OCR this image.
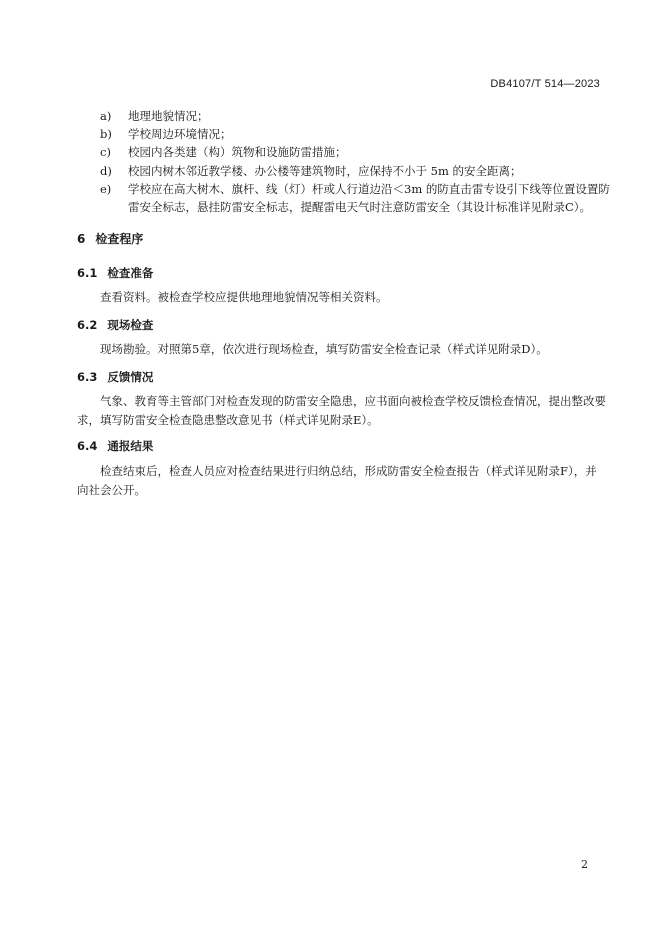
DB4107/T 514—2023
a)	地理地貌情况；
b)	学校周边环境情况；
c)	校园内各类建（构）筑物和设施防雷措施；
d)	校园内树木邻近教学楼、办公楼等建筑物时，应保持不小于 5m 的安全距离；
e)	学校应在高大树木、旗杆、线（灯）杆或人行道边沿＜3m 的防直击雷专设引下线等位置设置防雷安全标志，悬挂防雷安全标志，提醒雷电天气时注意防雷安全（其设计标准详见附录C）。
6 检查程序
6.1 检查准备
查看资料。被检查学校应提供地理地貌情况等相关资料。
6.2 现场检查
现场勘验。对照第5章，依次进行现场检查，填写防雷安全检查记录（样式详见附录D）。
6.3 反馈情况
气象、教育等主管部门对检查发现的防雷安全隐患，应书面向被检查学校反馈检查情况，提出整改要求，填写防雷安全检查隐患整改意见书（样式详见附录E）。
6.4 通报结果
检查结束后，检查人员应对检查结果进行归纳总结，形成防雷安全检查报告（样式详见附录F），并向社会公开。
2
